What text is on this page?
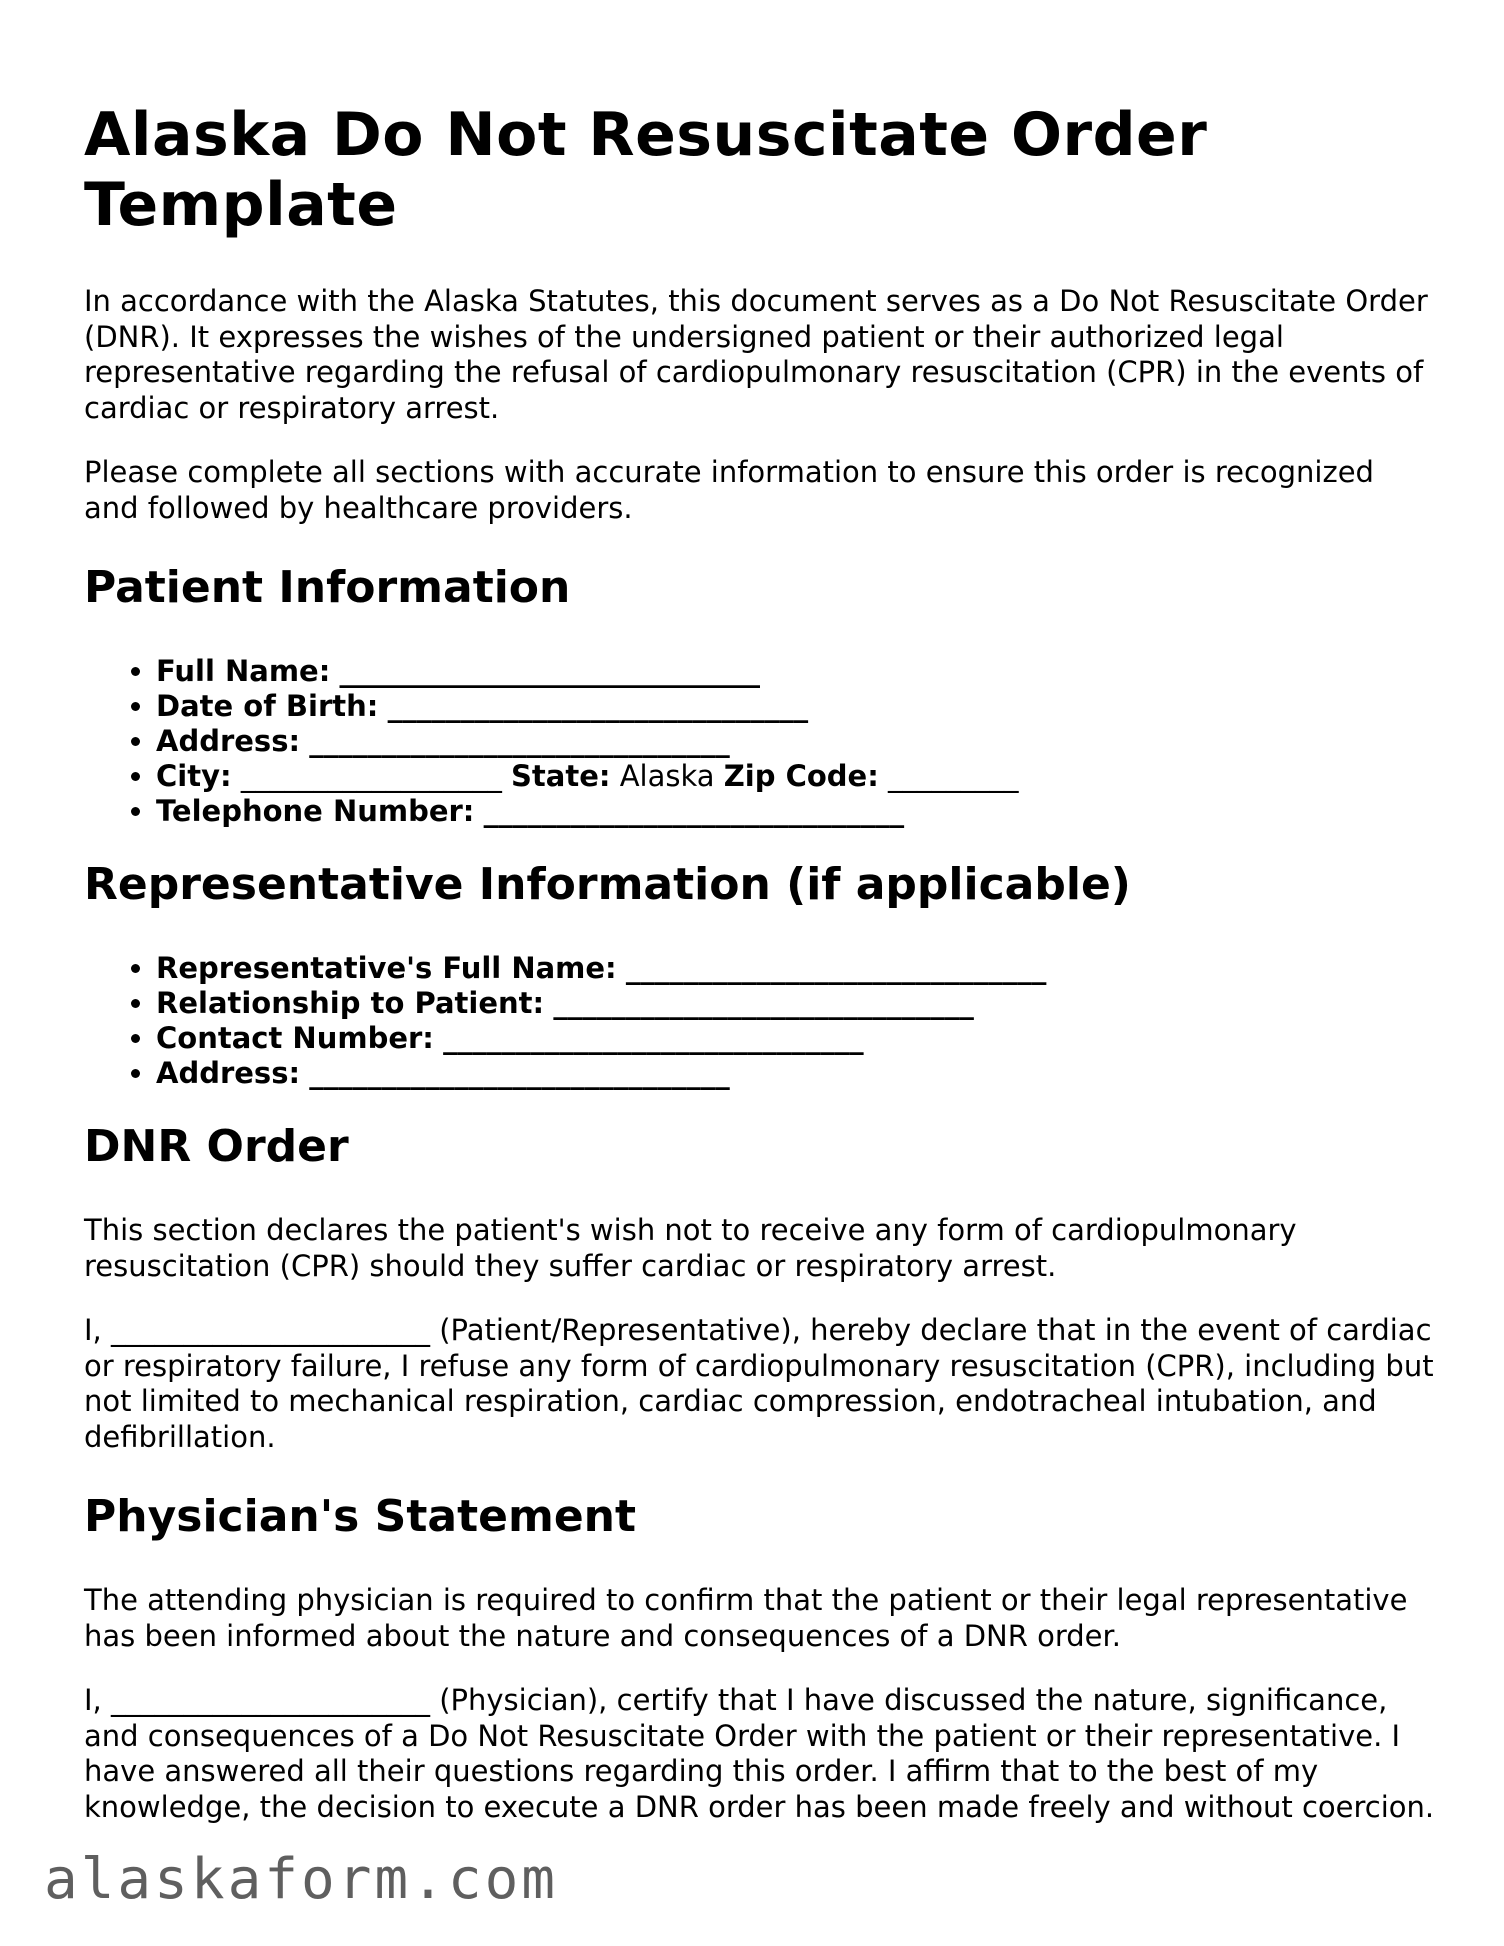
Alaska Do Not Resuscitate Order Template

In accordance with the Alaska Statutes, this document serves as a Do Not Resuscitate Order (DNR). It expresses the wishes of the undersigned patient or their authorized legal representative regarding the refusal of cardiopulmonary resuscitation (CPR) in the events of cardiac or respiratory arrest.

Please complete all sections with accurate information to ensure this order is recognized and followed by healthcare providers.

Patient Information
• Full Name: _____________________________
• Date of Birth: _____________________________
• Address: _____________________________
• City: __________________ State: Alaska Zip Code: _________
• Telephone Number: _____________________________
Representative Information (if applicable)
• Representative's Full Name: _____________________________
• Relationship to Patient: _____________________________
• Contact Number: _____________________________
• Address: _____________________________
DNR Order

This section declares the patient's wish not to receive any form of cardiopulmonary resuscitation (CPR) should they suffer cardiac or respiratory arrest.

I, ______________________ (Patient/Representative), hereby declare that in the event of cardiac or respiratory failure, I refuse any form of cardiopulmonary resuscitation (CPR), including but not limited to mechanical respiration, cardiac compression, endotracheal intubation, and defibrillation.

Physician's Statement

The attending physician is required to confirm that the patient or their legal representative has been informed about the nature and consequences of a DNR order.

I, ______________________ (Physician), certify that I have discussed the nature, significance, and consequences of a Do Not Resuscitate Order with the patient or their representative. I have answered all their questions regarding this order. I affirm that to the best of my knowledge, the decision to execute a DNR order has been made freely and without coercion.

alaskaform.com
